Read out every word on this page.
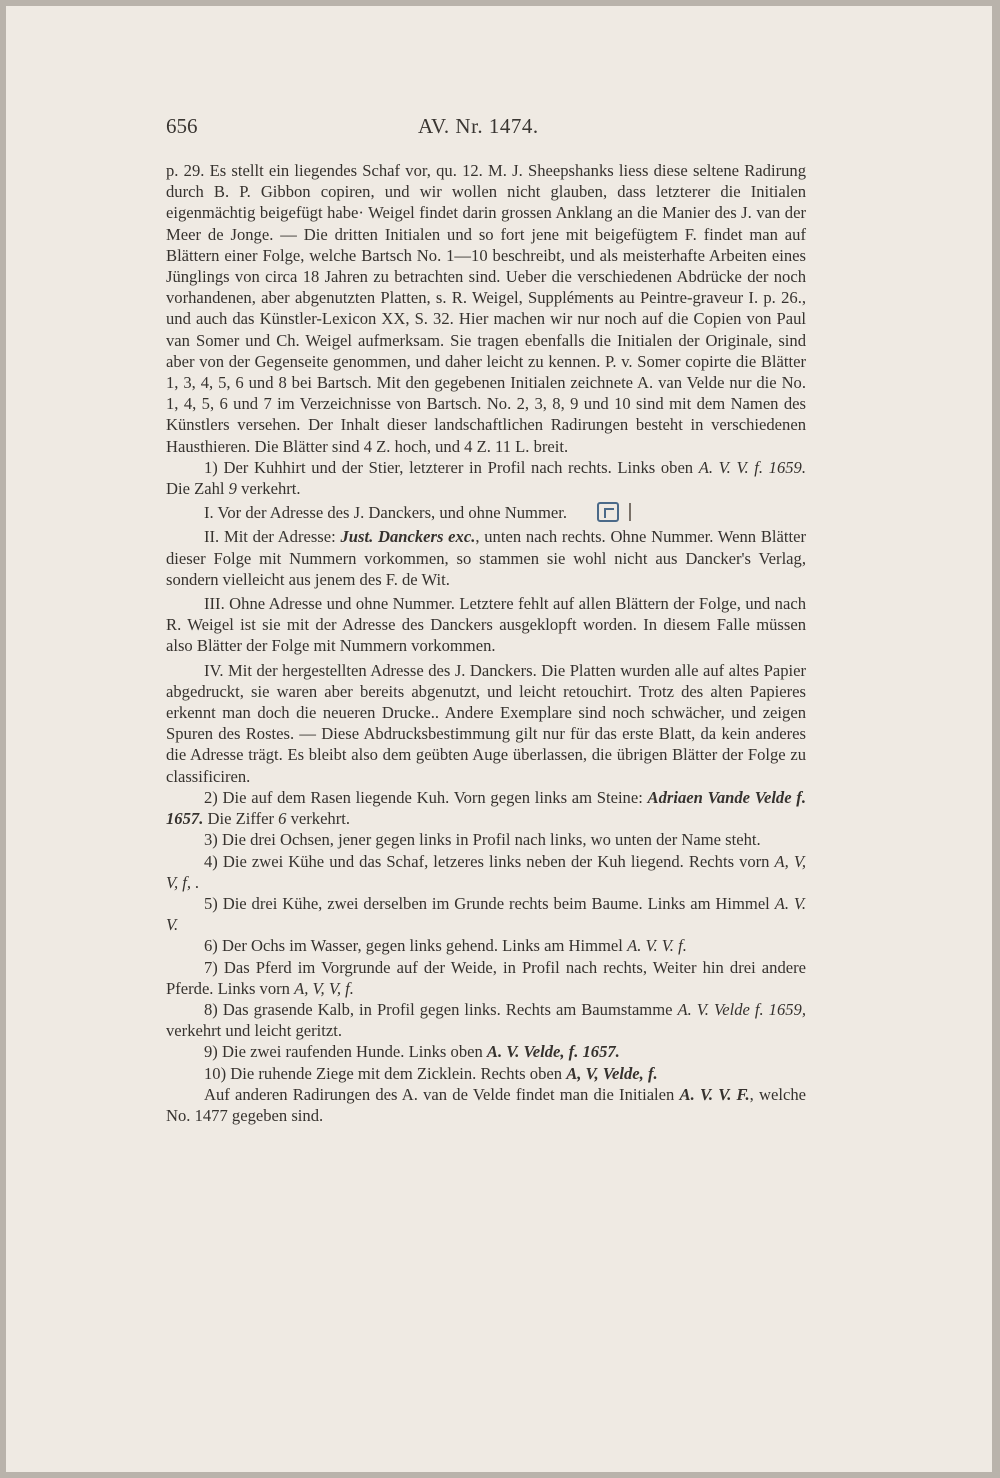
656	AV. Nr. 1474.

p. 29. Es stellt ein liegendes Schaf vor, qu. 12. M. J. Sheepshanks liess diese seltene Radirung durch B. P. Gibbon copiren, und wir wollen nicht glauben, dass letzterer die Initialen eigenmächtig beigefügt habe· Weigel findet darin grossen Anklang an die Manier des J. van der Meer de Jonge. — Die dritten Initialen und so fort jene mit beigefügtem F. findet man auf Blättern einer Folge, welche Bartsch No. 1—10 beschreibt, und als meisterhafte Arbeiten eines Jünglings von circa 18 Jahren zu betrachten sind. Ueber die verschiedenen Abdrücke der noch vorhandenen, aber abgenutzten Platten, s. R. Weigel, Suppléments au Peintre-graveur I. p. 26., und auch das Künstler-Lexicon XX, S. 32. Hier machen wir nur noch auf die Copien von Paul van Somer und Ch. Weigel aufmerksam. Sie tragen ebenfalls die Initialen der Originale, sind aber von der Gegenseite genommen, und daher leicht zu kennen. P. v. Somer copirte die Blätter 1, 3, 4, 5, 6 und 8 bei Bartsch. Mit den gegebenen Initialen zeichnete A. van Velde nur die No. 1, 4, 5, 6 und 7 im Verzeichnisse von Bartsch. No. 2, 3, 8, 9 und 10 sind mit dem Namen des Künstlers versehen. Der Inhalt dieser landschaftlichen Radirungen besteht in verschiedenen Hausthieren. Die Blätter sind 4 Z. hoch, und 4 Z. 11 L. breit.

1) Der Kuhhirt und der Stier, letzterer in Profil nach rechts. Links oben A. V. V. f. 1659. Die Zahl 9 verkehrt.

I. Vor der Adresse des J. Danckers, und ohne Nummer.

II. Mit der Adresse: Just. Danckers exc., unten nach rechts. Ohne Nummer. Wenn Blätter dieser Folge mit Nummern vorkommen, so stammen sie wohl nicht aus Dancker's Verlag, sondern vielleicht aus jenem des F. de Wit.

III. Ohne Adresse und ohne Nummer. Letztere fehlt auf allen Blättern der Folge, und nach R. Weigel ist sie mit der Adresse des Danckers ausgeklopft worden. In diesem Falle müssen also Blätter der Folge mit Nummern vorkommen.

IV. Mit der hergestellten Adresse des J. Danckers. Die Platten wurden alle auf altes Papier abgedruckt, sie waren aber bereits abgenutzt, und leicht retouchirt. Trotz des alten Papieres erkennt man doch die neueren Drucke.. Andere Exemplare sind noch schwächer, und zeigen Spuren des Rostes. — Diese Abdrucksbestimmung gilt nur für das erste Blatt, da kein anderes die Adresse trägt. Es bleibt also dem geübten Auge überlassen, die übrigen Blätter der Folge zu classificiren.

2) Die auf dem Rasen liegende Kuh. Vorn gegen links am Steine: Adriaen Vande Velde f. 1657. Die Ziffer 6 verkehrt.

3) Die drei Ochsen, jener gegen links in Profil nach links, wo unten der Name steht.

4) Die zwei Kühe und das Schaf, letzeres links neben der Kuh liegend. Rechts vorn A, V, V, f, .

5) Die drei Kühe, zwei derselben im Grunde rechts beim Baume. Links am Himmel A. V. V.

6) Der Ochs im Wasser, gegen links gehend. Links am Himmel A. V. V. f.

7) Das Pferd im Vorgrunde auf der Weide, in Profil nach rechts, Weiter hin drei andere Pferde. Links vorn A, V, V, f.

8) Das grasende Kalb, in Profil gegen links. Rechts am Baumstamme A. V. Velde f. 1659, verkehrt und leicht geritzt.

9) Die zwei raufenden Hunde. Links oben A. V. Velde, f. 1657.

10) Die ruhende Ziege mit dem Zicklein. Rechts oben A, V, Velde, f.

Auf anderen Radirungen des A. van de Velde findet man die Initialen A. V. V. F., welche No. 1477 gegeben sind.
